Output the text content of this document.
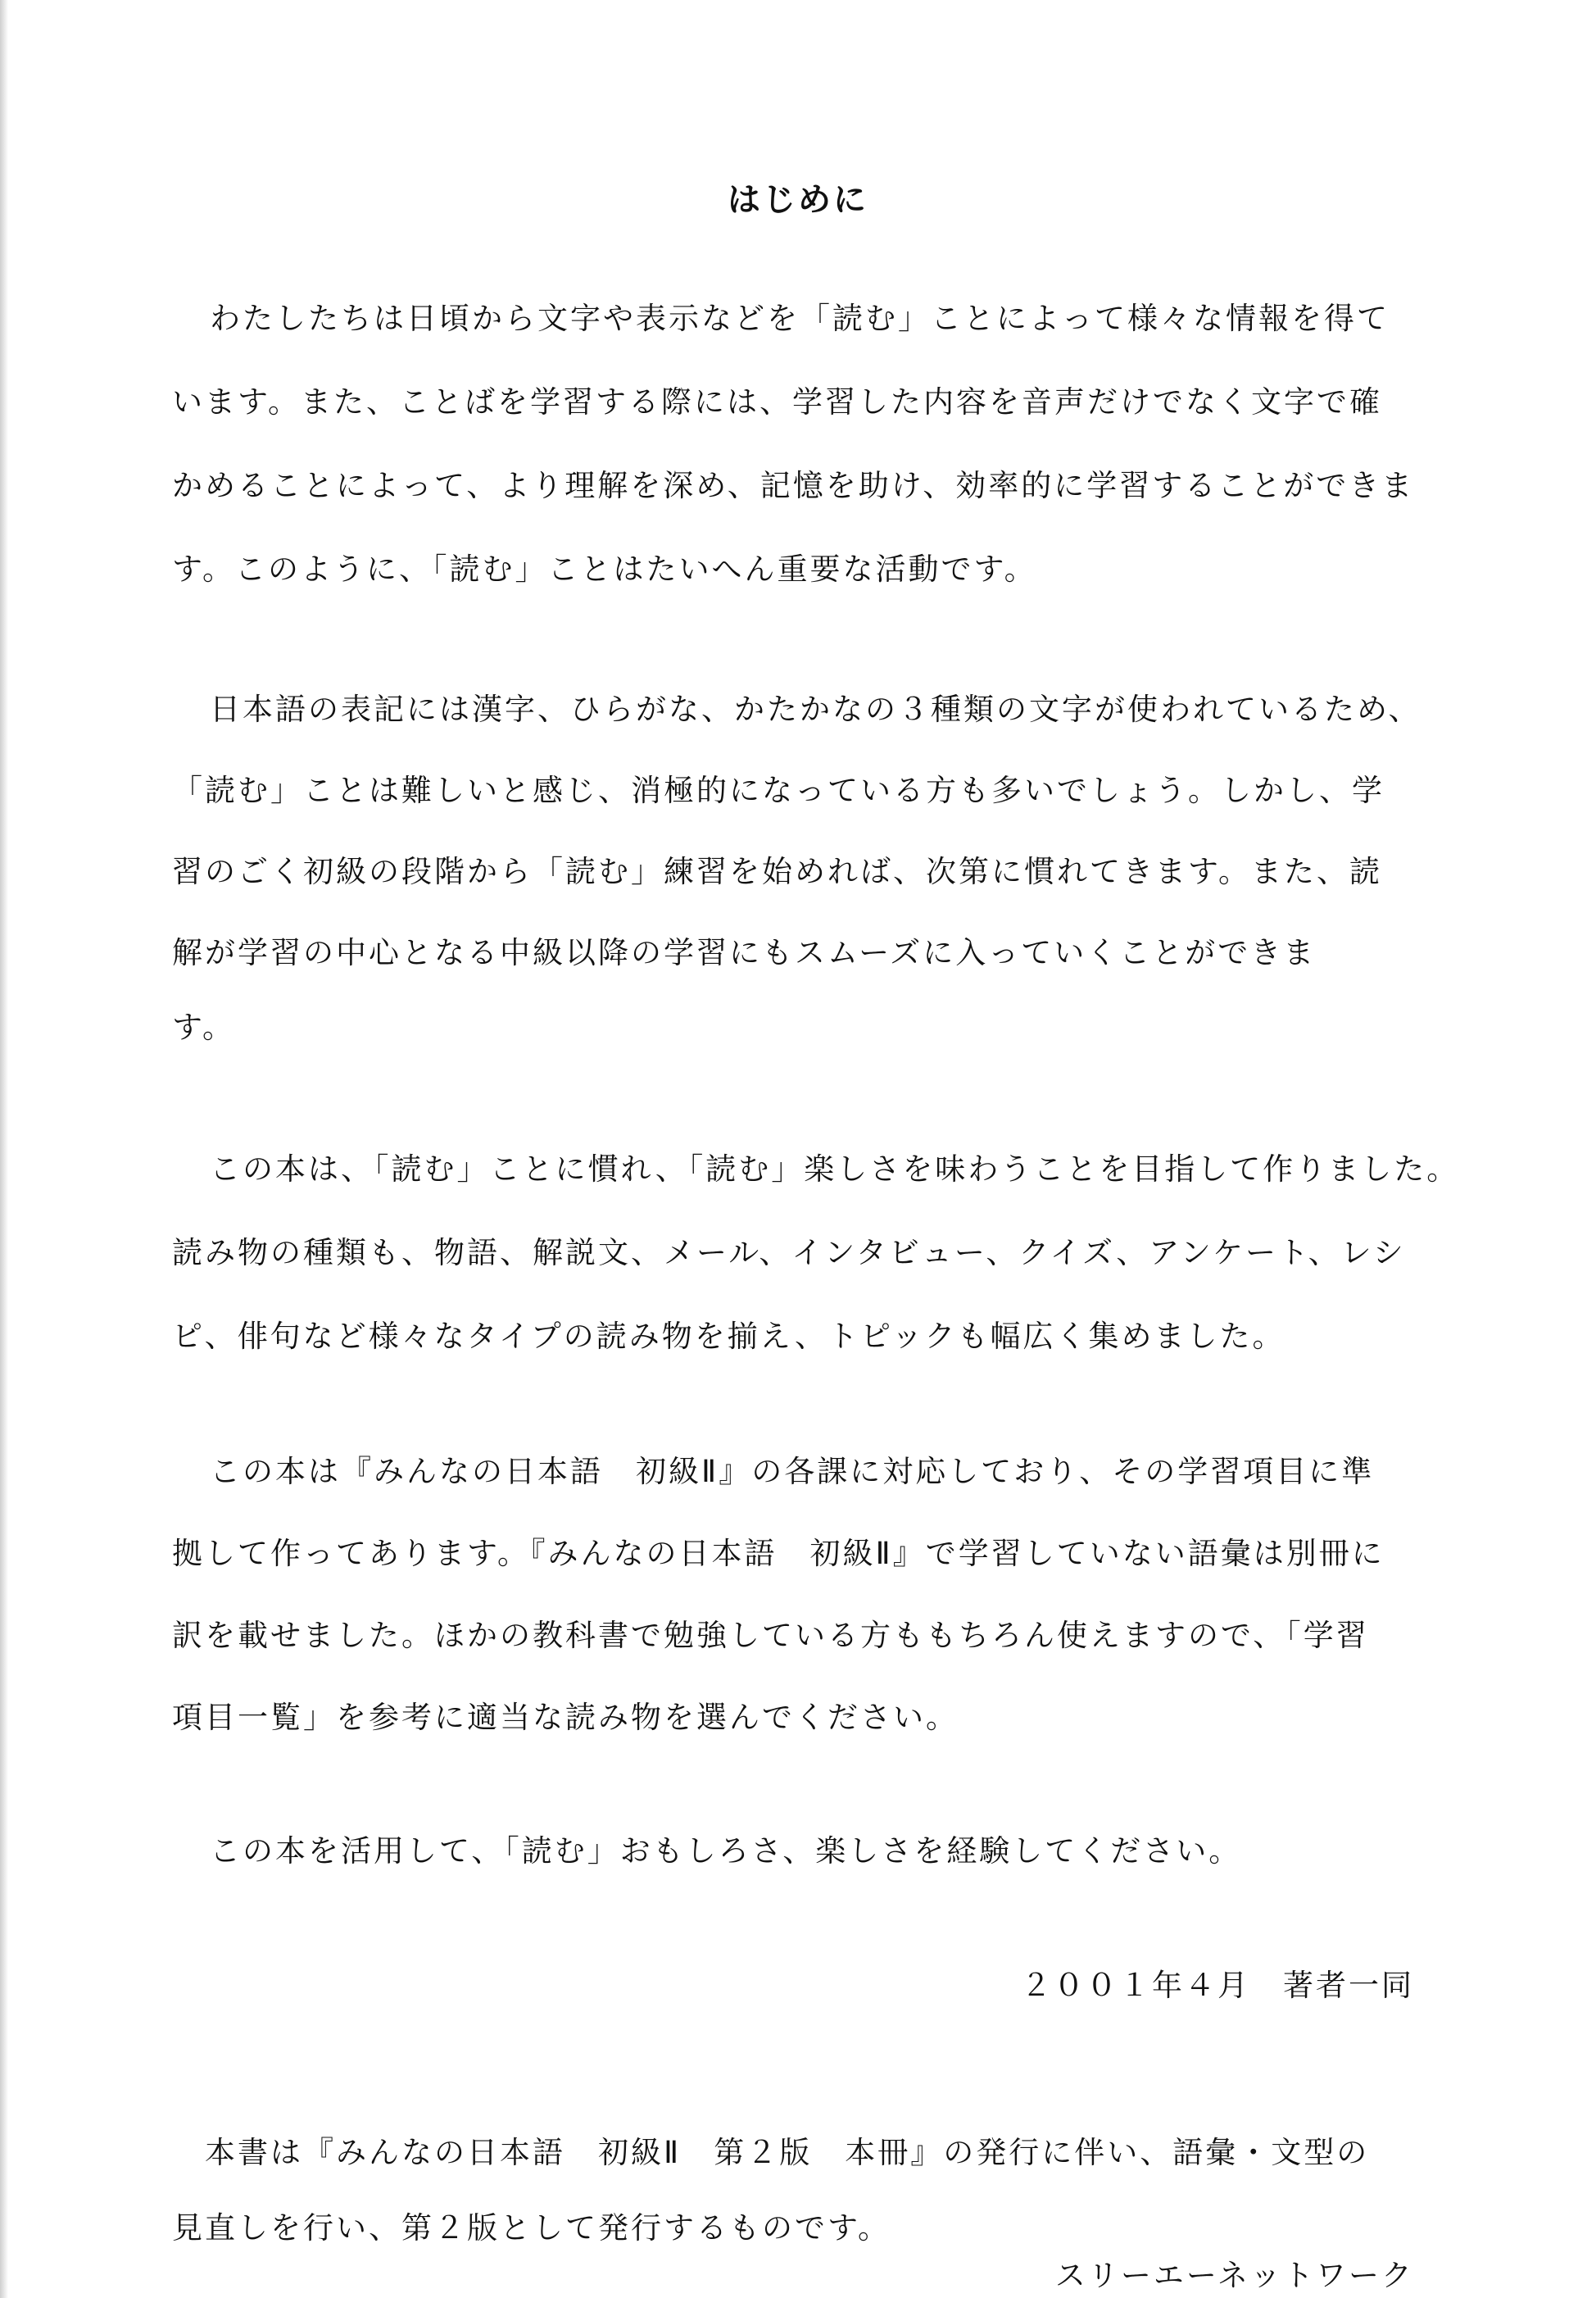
はじめに
わたしたちは日頃から文字や表示などを「読む」ことによって様々な情報を得て
います。また、ことばを学習する際には、学習した内容を音声だけでなく文字で確
かめることによって、より理解を深め、記憶を助け、効率的に学習することができま
す。このように、「読む」ことはたいへん重要な活動です。
日本語の表記には漢字、ひらがな、かたかなの３種類の文字が使われているため、
「読む」ことは難しいと感じ、消極的になっている方も多いでしょう。しかし、学
習のごく初級の段階から「読む」練習を始めれば、次第に慣れてきます。また、読
解が学習の中心となる中級以降の学習にもスムーズに入っていくことができま
す。
この本は、「読む」ことに慣れ、「読む」楽しさを味わうことを目指して作りました。
読み物の種類も、物語、解説文、メール、インタビュー、クイズ、アンケート、レシ
ピ、俳句など様々なタイプの読み物を揃え、トピックも幅広く集めました。
この本は『みんなの日本語　初級Ⅱ』の各課に対応しており、その学習項目に準
拠して作ってあります。『みんなの日本語　初級Ⅱ』で学習していない語彙は別冊に
訳を載せました。ほかの教科書で勉強している方ももちろん使えますので、「学習
項目一覧」を参考に適当な読み物を選んでください。
この本を活用して、「読む」おもしろさ、楽しさを経験してください。
２００１年４月　著者一同
本書は『みんなの日本語　初級Ⅱ　第２版　本冊』の発行に伴い、語彙・文型の
見直しを行い、第２版として発行するものです。
スリーエーネットワーク
